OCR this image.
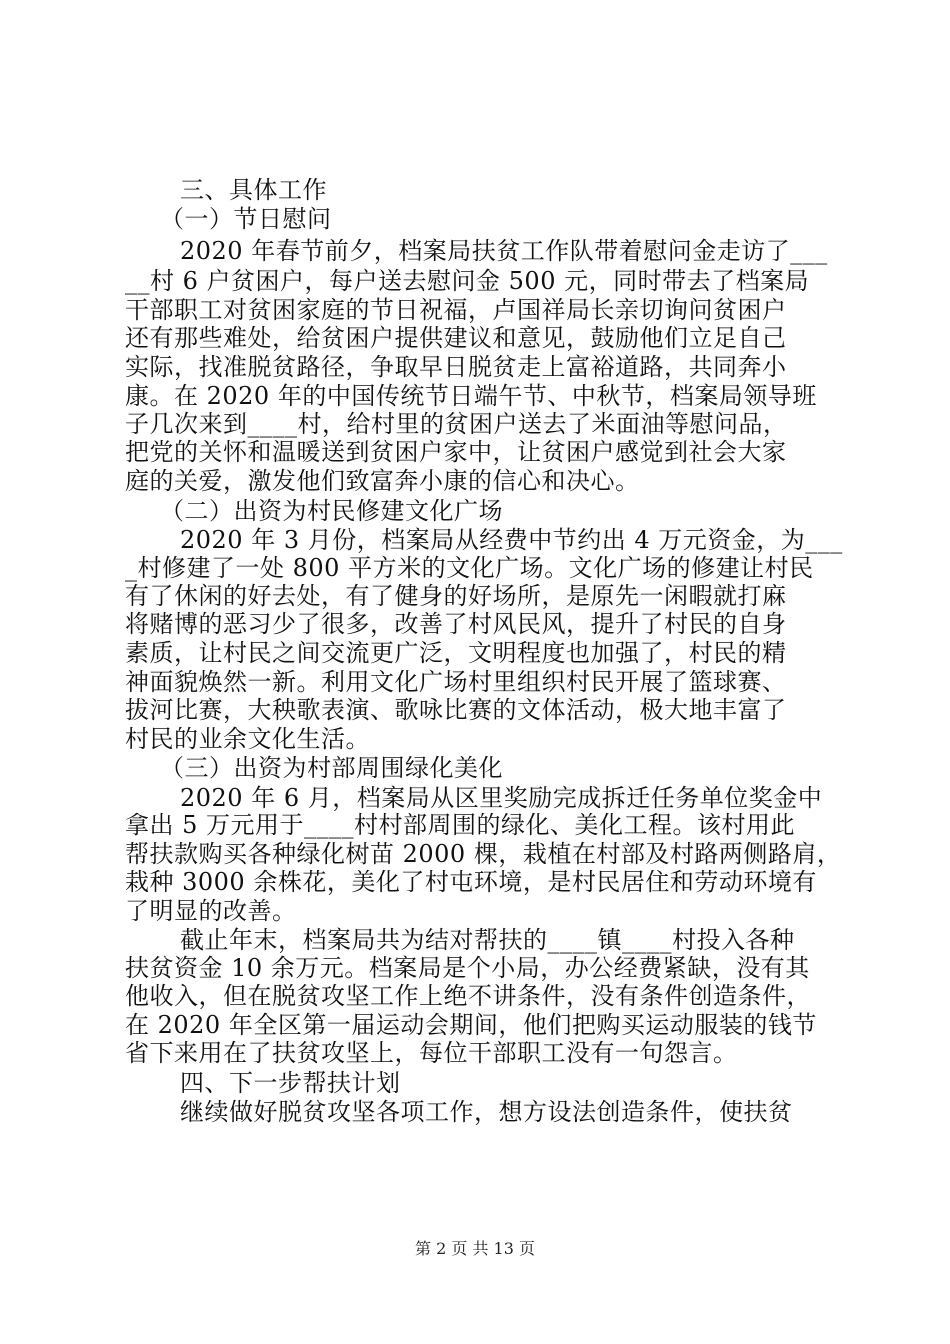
三、具体工作
（一）节日慰问
2020 年春节前夕，档案局扶贫工作队带着慰问金走访了___
__村 6 户贫困户，每户送去慰问金 500 元，同时带去了档案局
干部职工对贫困家庭的节日祝福，卢国祥局长亲切询问贫困户
还有那些难处，给贫困户提供建议和意见，鼓励他们立足自己
实际，找准脱贫路径，争取早日脱贫走上富裕道路，共同奔小
康。在 2020 年的中国传统节日端午节、中秋节，档案局领导班
子几次来到____村，给村里的贫困户送去了米面油等慰问品，
把党的关怀和温暖送到贫困户家中，让贫困户感觉到社会大家
庭的关爱，激发他们致富奔小康的信心和决心。
（二）出资为村民修建文化广场
2020 年 3 月份，档案局从经费中节约出 4 万元资金，为___
_村修建了一处 800 平方米的文化广场。文化广场的修建让村民
有了休闲的好去处，有了健身的好场所，是原先一闲暇就打麻
将赌博的恶习少了很多，改善了村风民风，提升了村民的自身
素质，让村民之间交流更广泛，文明程度也加强了，村民的精
神面貌焕然一新。利用文化广场村里组织村民开展了篮球赛、
拔河比赛，大秧歌表演、歌咏比赛的文体活动，极大地丰富了
村民的业余文化生活。
（三）出资为村部周围绿化美化
2020 年 6 月，档案局从区里奖励完成拆迁任务单位奖金中
拿出 5 万元用于____村村部周围的绿化、美化工程。该村用此
帮扶款购买各种绿化树苗 2000 棵，栽植在村部及村路两侧路肩，
栽种 3000 余株花，美化了村屯环境，是村民居住和劳动环境有
了明显的改善。
截止年末，档案局共为结对帮扶的____镇____村投入各种
扶贫资金 10 余万元。档案局是个小局，办公经费紧缺，没有其
他收入，但在脱贫攻坚工作上绝不讲条件，没有条件创造条件，
在 2020 年全区第一届运动会期间，他们把购买运动服装的钱节
省下来用在了扶贫攻坚上，每位干部职工没有一句怨言。
四、下一步帮扶计划
继续做好脱贫攻坚各项工作，想方设法创造条件，使扶贫
第 2 页 共 13 页
